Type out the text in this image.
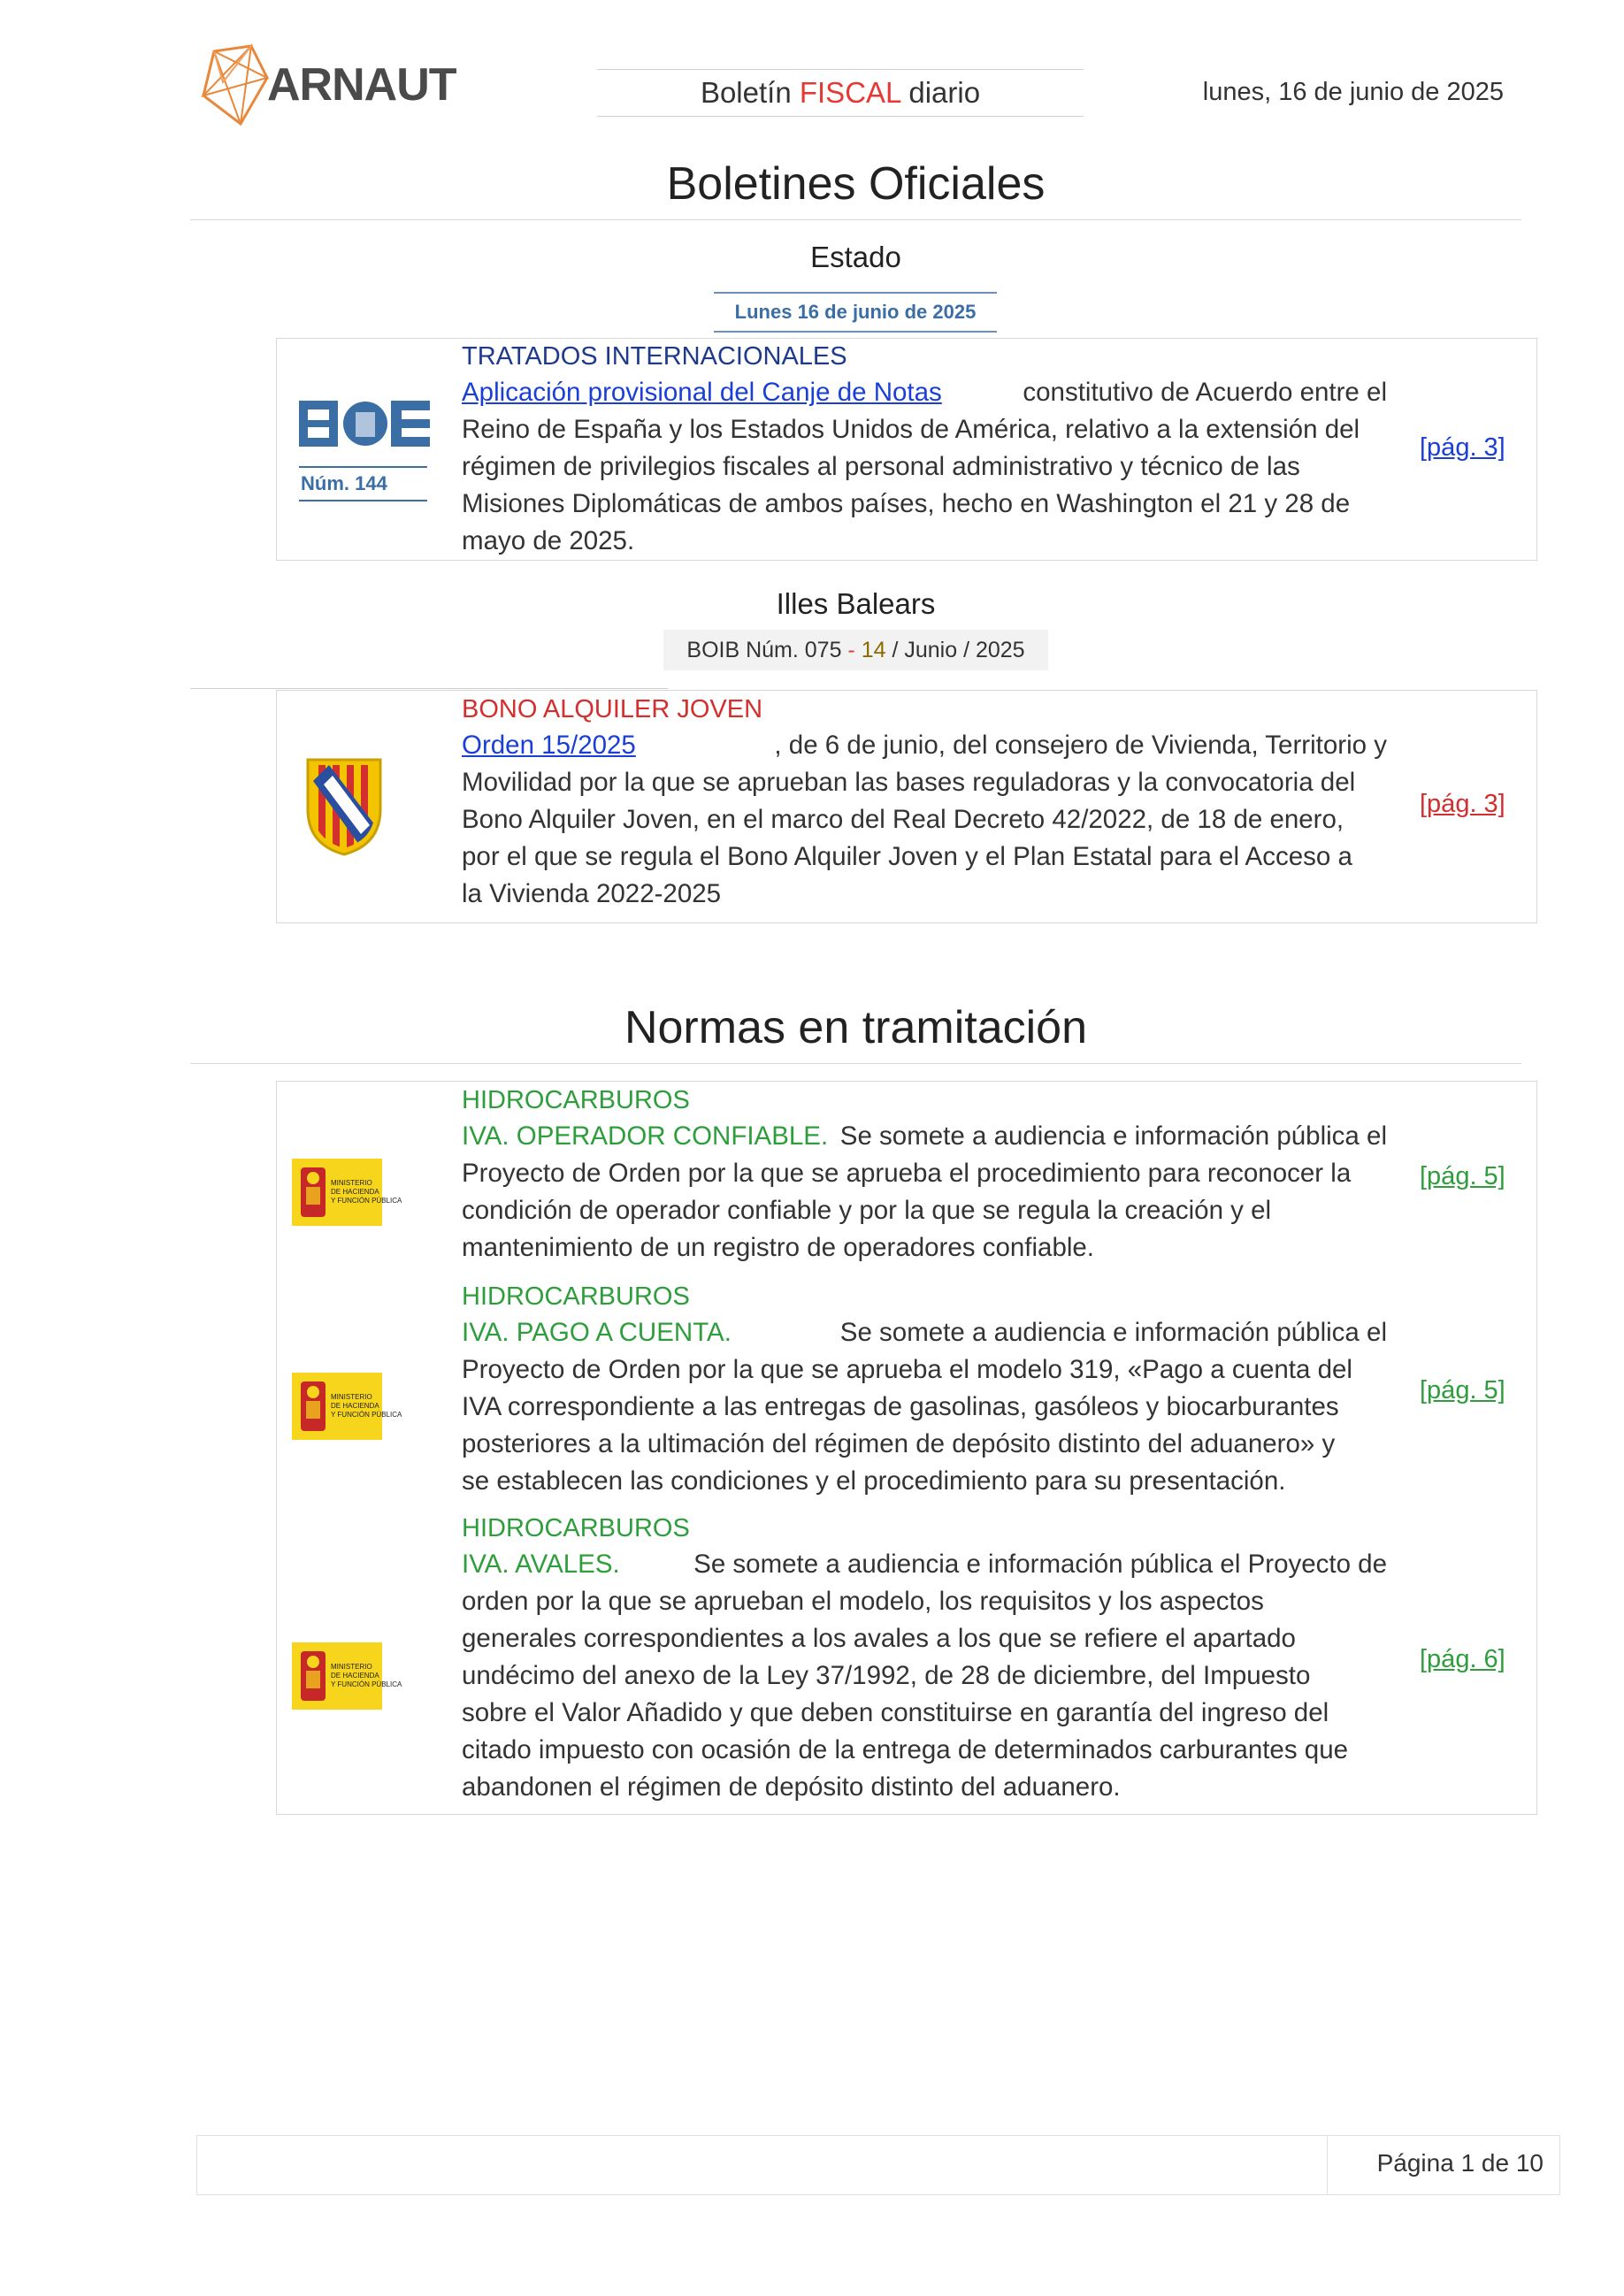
ARNAUT	Boletín FISCAL diario	lunes, 16 de junio de 2025
Boletines Oficiales
Estado
Lunes 16 de junio de 2025
Núm. 144
TRATADOS INTERNACIONALES
Aplicación provisional del Canje de Notas	constitutivo de Acuerdo entre el
Reino de España y los Estados Unidos de América, relativo a la extensión del
régimen de privilegios fiscales al personal administrativo y técnico de las
Misiones Diplomáticas de ambos países, hecho en Washington el 21 y 28 de
mayo de 2025.
[pág. 3]
Illes Balears
BOIB Núm. 075 - 14 / Junio / 2025
BONO ALQUILER JOVEN
Orden 15/2025	, de 6 de junio, del consejero de Vivienda, Territorio y
Movilidad por la que se aprueban las bases reguladoras y la convocatoria del
Bono Alquiler Joven, en el marco del Real Decreto 42/2022, de 18 de enero,
por el que se regula el Bono Alquiler Joven y el Plan Estatal para el Acceso a
la Vivienda 2022-2025
[pág. 3]
Normas en tramitación
MINISTERIO
DE HACIENDA
Y FUNCIÓN PÚBLICA
HIDROCARBUROS
IVA. OPERADOR CONFIABLE. Se somete a audiencia e información pública el
Proyecto de Orden por la que se aprueba el procedimiento para reconocer la
condición de operador confiable y por la que se regula la creación y el
mantenimiento de un registro de operadores confiable.
[pág. 5]
MINISTERIO
DE HACIENDA
Y FUNCIÓN PÚBLICA
HIDROCARBUROS
IVA. PAGO A CUENTA.	Se somete a audiencia e información pública el
Proyecto de Orden por la que se aprueba el modelo 319, «Pago a cuenta del
IVA correspondiente a las entregas de gasolinas, gasóleos y biocarburantes
posteriores a la ultimación del régimen de depósito distinto del aduanero» y
se establecen las condiciones y el procedimiento para su presentación.
[pág. 5]
MINISTERIO
DE HACIENDA
Y FUNCIÓN PÚBLICA
HIDROCARBUROS
IVA. AVALES.	Se somete a audiencia e información pública el Proyecto de
orden por la que se aprueban el modelo, los requisitos y los aspectos
generales correspondientes a los avales a los que se refiere el apartado
undécimo del anexo de la Ley 37/1992, de 28 de diciembre, del Impuesto
sobre el Valor Añadido y que deben constituirse en garantía del ingreso del
citado impuesto con ocasión de la entrega de determinados carburantes que
abandonen el régimen de depósito distinto del aduanero.
[pág. 6]
Página 1 de 10
